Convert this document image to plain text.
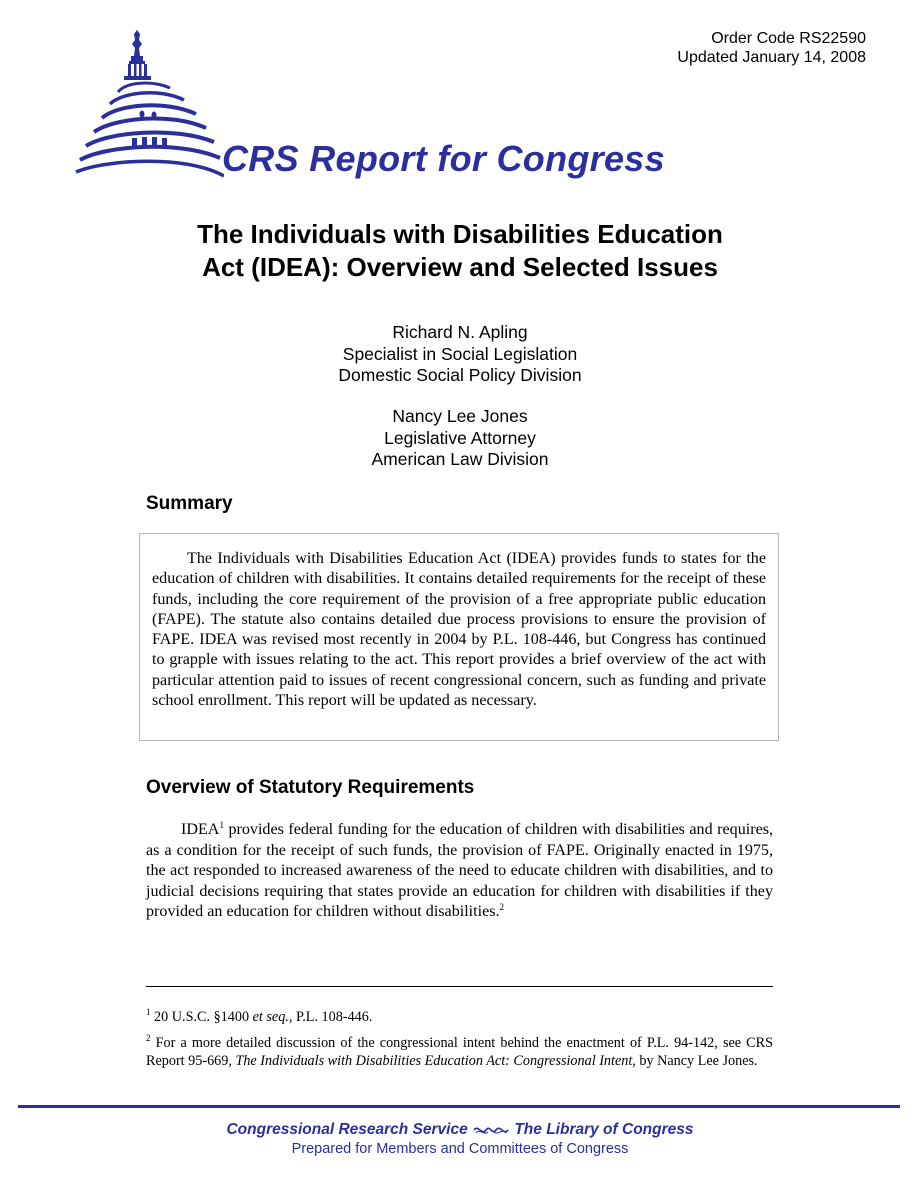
Order Code RS22590
Updated January 14, 2008
CRS Report for Congress
The Individuals with Disabilities Education
Act (IDEA): Overview and Selected Issues
Richard N. Apling
Specialist in Social Legislation
Domestic Social Policy Division
Nancy Lee Jones
Legislative Attorney
American Law Division
Summary

The Individuals with Disabilities Education Act (IDEA) provides funds to states for the education of children with disabilities. It contains detailed requirements for the receipt of these funds, including the core requirement of the provision of a free appropriate public education (FAPE). The statute also contains detailed due process provisions to ensure the provision of FAPE. IDEA was revised most recently in 2004 by P.L. 108-446, but Congress has continued to grapple with issues relating to the act. This report provides a brief overview of the act with particular attention paid to issues of recent congressional concern, such as funding and private school enrollment. This report will be updated as necessary.

Overview of Statutory Requirements

IDEA$^1$ provides federal funding for the education of children with disabilities and requires, as a condition for the receipt of such funds, the provision of FAPE. Originally enacted in 1975, the act responded to increased awareness of the need to educate children with disabilities, and to judicial decisions requiring that states provide an education for children with disabilities if they provided an education for children without disabilities.$^2$

$^1$ 20 U.S.C. §1400 et seq., P.L. 108-446.

$^2$ For a more detailed discussion of the congressional intent behind the enactment of P.L. 94-142, see CRS Report 95-669, The Individuals with Disabilities Education Act: Congressional Intent, by Nancy Lee Jones.

Congressional Research Service	The Library of Congress
Prepared for Members and Committees of Congress
